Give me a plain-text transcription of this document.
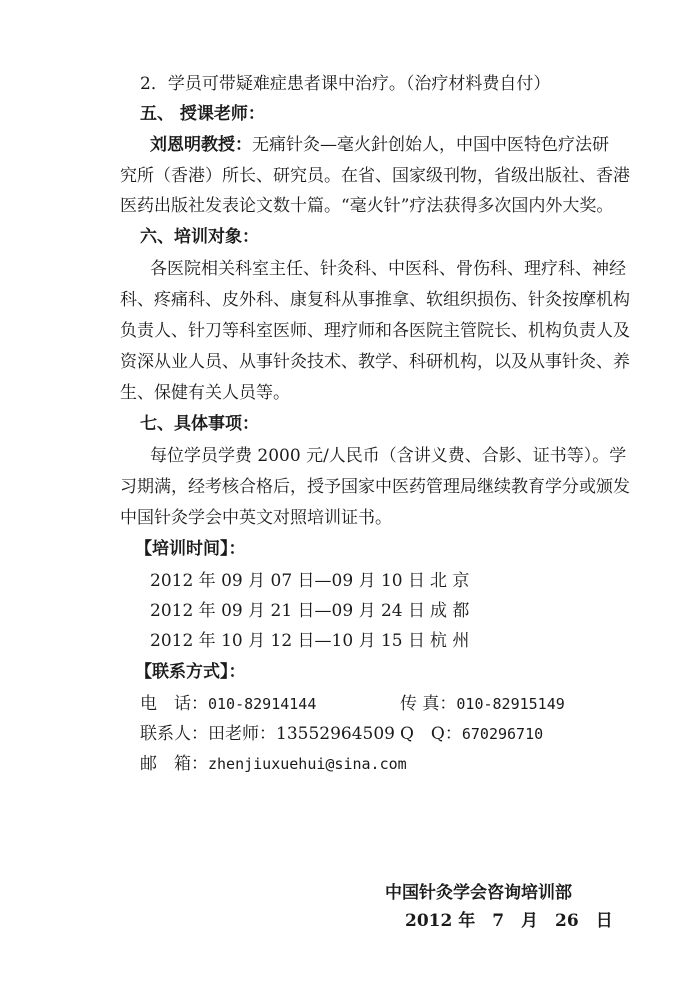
2．学员可带疑难症患者课中治疗。（治疗材料费自付）
五、 授课老师：
刘恩明教授：无痛针灸—毫火針创始人，中国中医特色疗法研
究所（香港）所长、研究员。在省、国家级刊物，省级出版社、香港
医药出版社发表论文数十篇。“毫火针”疗法获得多次国内外大奖。
六、培训对象：
各医院相关科室主任、针灸科、中医科、骨伤科、理疗科、神经
科、疼痛科、皮外科、康复科从事推拿、软组织损伤、针灸按摩机构
负责人、针刀等科室医师、理疗师和各医院主管院长、机构负责人及
资深从业人员、从事针灸技术、教学、科研机构，以及从事针灸、养
生、保健有关人员等。
七、具体事项：
每位学员学费 2000 元/人民币（含讲义费、合影、证书等）。学
习期满，经考核合格后，授予国家中医药管理局继续教育学分或颁发
中国针灸学会中英文对照培训证书。
【培训时间】：
2012 年 09 月 07 日—09 月 10 日 北 京
2012 年 09 月 21 日—09 月 24 日 成 都
2012 年 10 月 12 日—10 月 15 日 杭 州
【联系方式】：
电　话：010-82914144	传 真：010-82915149
联系人：田老师：13552964509 Q　Q：670296710
邮　箱：zhenjiuxuehui@sina.com
中国针灸学会咨询培训部
2012 年　7　月　26　日
